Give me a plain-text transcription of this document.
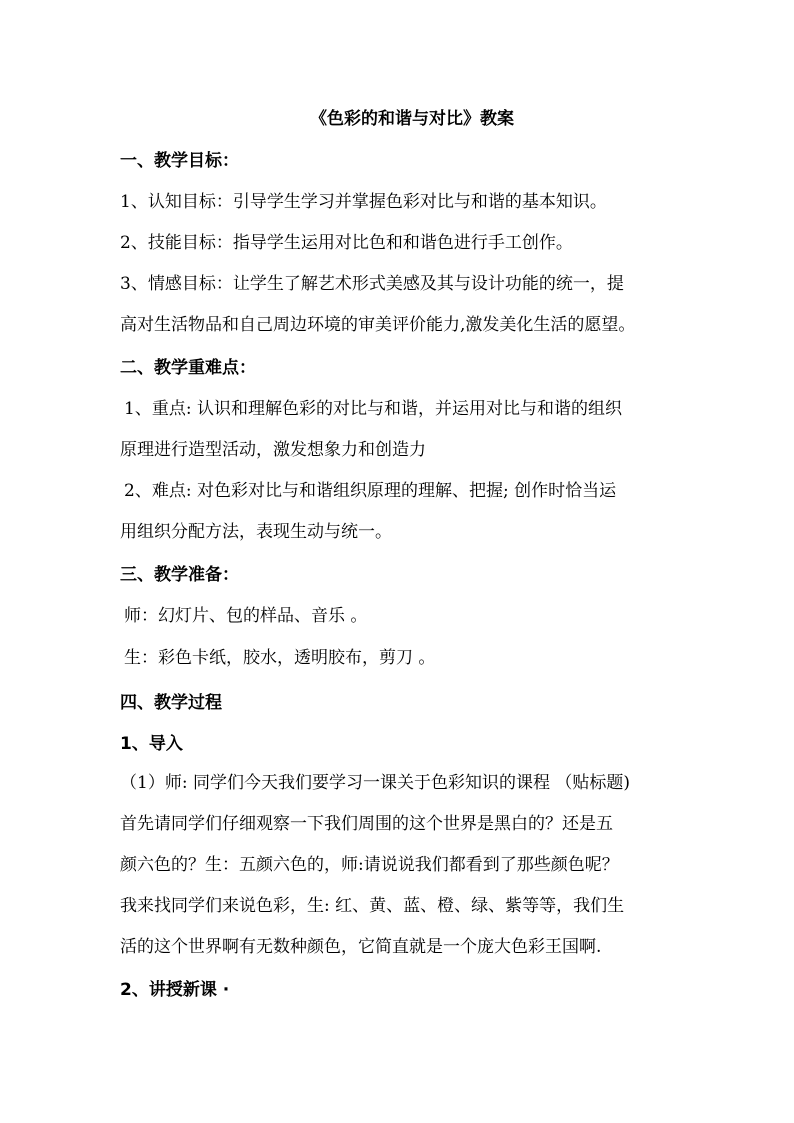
《色彩的和谐与对比》教案

一、教学目标：

1、认知目标：引导学生学习并掌握色彩对比与和谐的基本知识。

2、技能目标：指导学生运用对比色和和谐色进行手工创作。

3、情感目标：让学生了解艺术形式美感及其与设计功能的统一，提

高对生活物品和自己周边环境的审美评价能力,激发美化生活的愿望。

二、教学重难点：

1、重点: 认识和理解色彩的对比与和谐，并运用对比与和谐的组织

原理进行造型活动，激发想象力和创造力

2、难点: 对色彩对比与和谐组织原理的理解、把握; 创作时恰当运

用组织分配方法，表现生动与统一。

三、教学准备：

师：幻灯片、包的样品、音乐 。

生：彩色卡纸，胶水，透明胶布，剪刀 。

四、教学过程

1、导入

（1）师: 同学们今天我们要学习一课关于色彩知识的课程 （贴标题)

首先请同学们仔细观察一下我们周围的这个世界是黑白的？还是五

颜六色的？生：五颜六色的，师:请说说我们都看到了那些颜色呢？

我来找同学们来说色彩，生: 红、黄、蓝、橙、绿、紫等等，我们生

活的这个世界啊有无数种颜色，它简直就是一个庞大色彩王国啊.

2、讲授新课 ·
